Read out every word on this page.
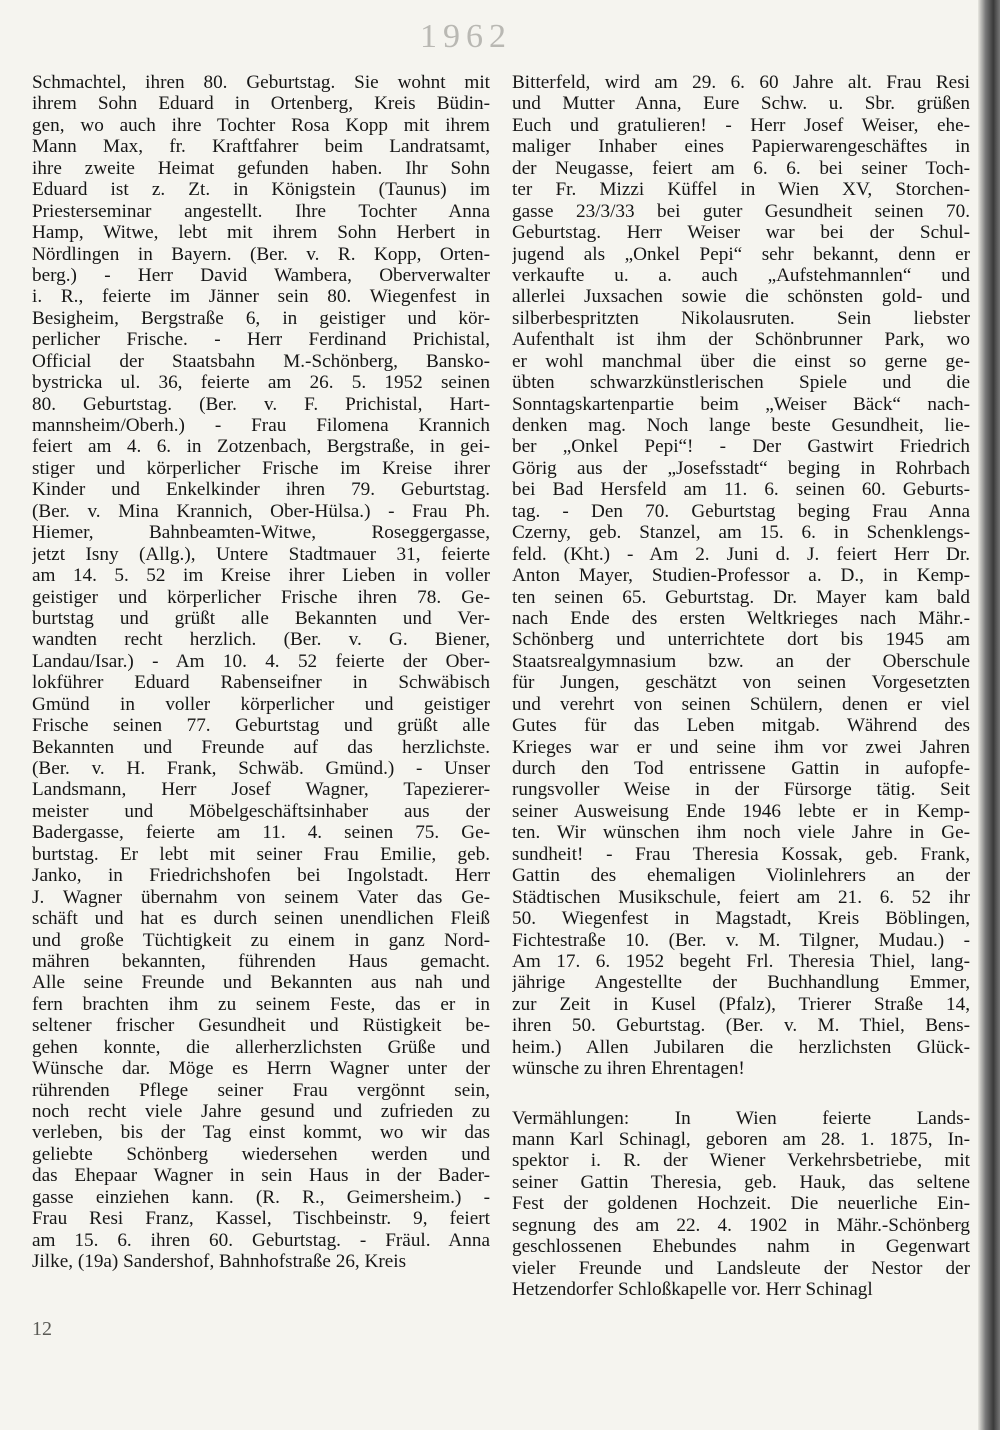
1962
Schmachtel, ihren 80. Geburtstag. Sie wohnt mit
ihrem Sohn Eduard in Ortenberg, Kreis Büdin-
gen, wo auch ihre Tochter Rosa Kopp mit ihrem
Mann Max, fr. Kraftfahrer beim Landratsamt,
ihre zweite Heimat gefunden haben. Ihr Sohn
Eduard ist z. Zt. in Königstein (Taunus) im
Priesterseminar angestellt. Ihre Tochter Anna
Hamp, Witwe, lebt mit ihrem Sohn Herbert in
Nördlingen in Bayern. (Ber. v. R. Kopp, Orten-
berg.) - Herr David Wambera, Oberverwalter
i. R., feierte im Jänner sein 80. Wiegenfest in
Besigheim, Bergstraße 6, in geistiger und kör-
perlicher Frische. - Herr Ferdinand Prichistal,
Official der Staatsbahn M.-Schönberg, Bansko-
bystricka ul. 36, feierte am 26. 5. 1952 seinen
80. Geburtstag. (Ber. v. F. Prichistal, Hart-
mannsheim/Oberh.) - Frau Filomena Krannich
feiert am 4. 6. in Zotzenbach, Bergstraße, in gei-
stiger und körperlicher Frische im Kreise ihrer
Kinder und Enkelkinder ihren 79. Geburtstag.
(Ber. v. Mina Krannich, Ober-Hülsa.) - Frau Ph.
Hiemer, Bahnbeamten-Witwe, Roseggergasse,
jetzt Isny (Allg.), Untere Stadtmauer 31, feierte
am 14. 5. 52 im Kreise ihrer Lieben in voller
geistiger und körperlicher Frische ihren 78. Ge-
burtstag und grüßt alle Bekannten und Ver-
wandten recht herzlich. (Ber. v. G. Biener,
Landau/Isar.) - Am 10. 4. 52 feierte der Ober-
lokführer Eduard Rabenseifner in Schwäbisch
Gmünd in voller körperlicher und geistiger
Frische seinen 77. Geburtstag und grüßt alle
Bekannten und Freunde auf das herzlichste.
(Ber. v. H. Frank, Schwäb. Gmünd.) - Unser
Landsmann, Herr Josef Wagner, Tapezierer-
meister und Möbelgeschäftsinhaber aus der
Badergasse, feierte am 11. 4. seinen 75. Ge-
burtstag. Er lebt mit seiner Frau Emilie, geb.
Janko, in Friedrichshofen bei Ingolstadt. Herr
J. Wagner übernahm von seinem Vater das Ge-
schäft und hat es durch seinen unendlichen Fleiß
und große Tüchtigkeit zu einem in ganz Nord-
mähren bekannten, führenden Haus gemacht.
Alle seine Freunde und Bekannten aus nah und
fern brachten ihm zu seinem Feste, das er in
seltener frischer Gesundheit und Rüstigkeit be-
gehen konnte, die allerherzlichsten Grüße und
Wünsche dar. Möge es Herrn Wagner unter der
rührenden Pflege seiner Frau vergönnt sein,
noch recht viele Jahre gesund und zufrieden zu
verleben, bis der Tag einst kommt, wo wir das
geliebte Schönberg wiedersehen werden und
das Ehepaar Wagner in sein Haus in der Bader-
gasse einziehen kann. (R. R., Geimersheim.) -
Frau Resi Franz, Kassel, Tischbeinstr. 9, feiert
am 15. 6. ihren 60. Geburtstag. - Fräul. Anna
Jilke, (19a) Sandershof, Bahnhofstraße 26, Kreis
Bitterfeld, wird am 29. 6. 60 Jahre alt. Frau Resi
und Mutter Anna, Eure Schw. u. Sbr. grüßen
Euch und gratulieren! - Herr Josef Weiser, ehe-
maliger Inhaber eines Papierwarengeschäftes in
der Neugasse, feiert am 6. 6. bei seiner Toch-
ter Fr. Mizzi Küffel in Wien XV, Storchen-
gasse 23/3/33 bei guter Gesundheit seinen 70.
Geburtstag. Herr Weiser war bei der Schul-
jugend als „Onkel Pepi“ sehr bekannt, denn er
verkaufte u. a. auch „Aufstehmannlen“ und
allerlei Juxsachen sowie die schönsten gold- und
silberbespritzten Nikolausruten. Sein liebster
Aufenthalt ist ihm der Schönbrunner Park, wo
er wohl manchmal über die einst so gerne ge-
übten schwarzkünstlerischen Spiele und die
Sonntagskartenpartie beim „Weiser Bäck“ nach-
denken mag. Noch lange beste Gesundheit, lie-
ber „Onkel Pepi“! - Der Gastwirt Friedrich
Görig aus der „Josefsstadt“ beging in Rohrbach
bei Bad Hersfeld am 11. 6. seinen 60. Geburts-
tag. - Den 70. Geburtstag beging Frau Anna
Czerny, geb. Stanzel, am 15. 6. in Schenklengs-
feld. (Kht.) - Am 2. Juni d. J. feiert Herr Dr.
Anton Mayer, Studien-Professor a. D., in Kemp-
ten seinen 65. Geburtstag. Dr. Mayer kam bald
nach Ende des ersten Weltkrieges nach Mähr.-
Schönberg und unterrichtete dort bis 1945 am
Staatsrealgymnasium bzw. an der Oberschule
für Jungen, geschätzt von seinen Vorgesetzten
und verehrt von seinen Schülern, denen er viel
Gutes für das Leben mitgab. Während des
Krieges war er und seine ihm vor zwei Jahren
durch den Tod entrissene Gattin in aufopfe-
rungsvoller Weise in der Fürsorge tätig. Seit
seiner Ausweisung Ende 1946 lebte er in Kemp-
ten. Wir wünschen ihm noch viele Jahre in Ge-
sundheit! - Frau Theresia Kossak, geb. Frank,
Gattin des ehemaligen Violinlehrers an der
Städtischen Musikschule, feiert am 21. 6. 52 ihr
50. Wiegenfest in Magstadt, Kreis Böblingen,
Fichtestraße 10. (Ber. v. M. Tilgner, Mudau.) -
Am 17. 6. 1952 begeht Frl. Theresia Thiel, lang-
jährige Angestellte der Buchhandlung Emmer,
zur Zeit in Kusel (Pfalz), Trierer Straße 14,
ihren 50. Geburtstag. (Ber. v. M. Thiel, Bens-
heim.) Allen Jubilaren die herzlichsten Glück-
wünsche zu ihren Ehrentagen!
Vermählungen: In Wien feierte Lands-
mann Karl Schinagl, geboren am 28. 1. 1875, In-
spektor i. R. der Wiener Verkehrsbetriebe, mit
seiner Gattin Theresia, geb. Hauk, das seltene
Fest der goldenen Hochzeit. Die neuerliche Ein-
segnung des am 22. 4. 1902 in Mähr.-Schönberg
geschlossenen Ehebundes nahm in Gegenwart
vieler Freunde und Landsleute der Nestor der
Hetzendorfer Schloßkapelle vor. Herr Schinagl
12
